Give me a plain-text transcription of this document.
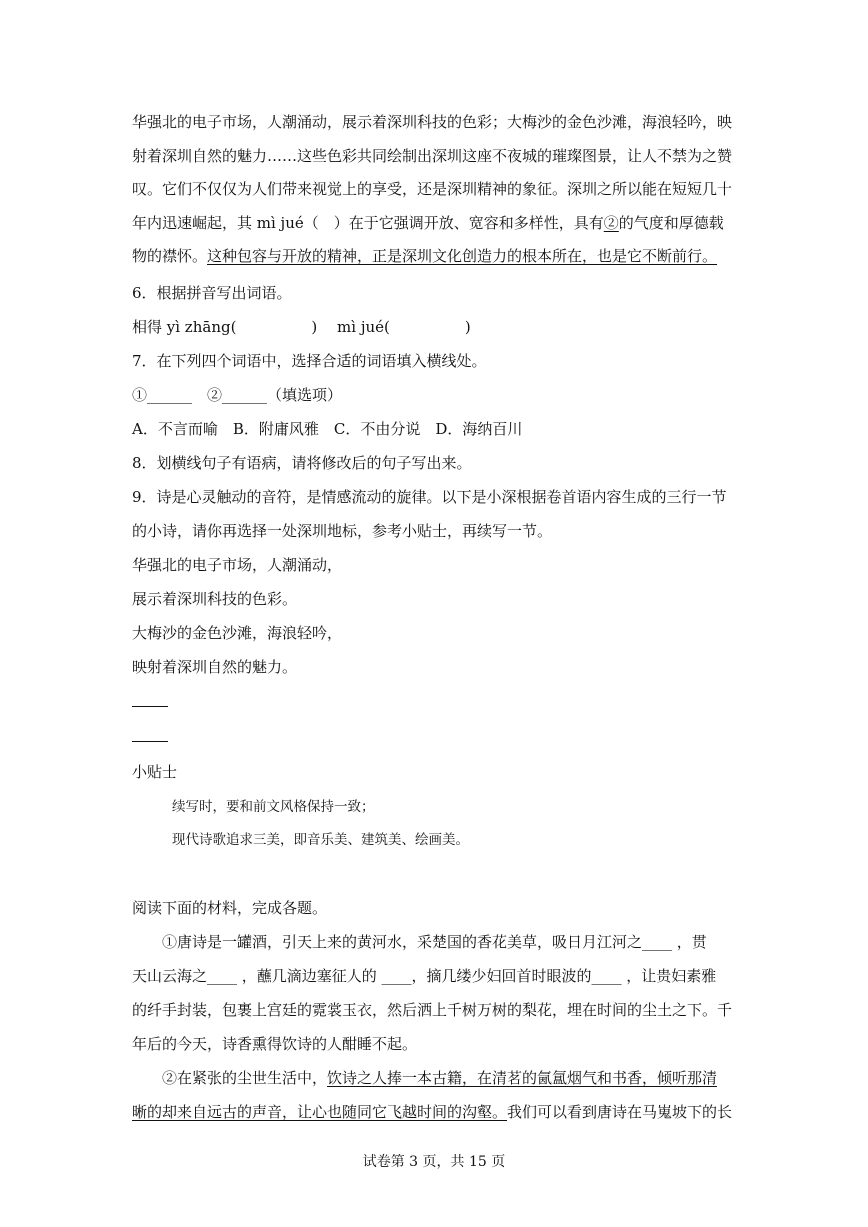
华强北的电子市场，人潮涌动，展示着深圳科技的色彩；大梅沙的金色沙滩，海浪轻吟，映
射着深圳自然的魅力……这些色彩共同绘制出深圳这座不夜城的璀璨图景，让人不禁为之赞
叹。它们不仅仅为人们带来视觉上的享受，还是深圳精神的象征。深圳之所以能在短短几十
年内迅速崛起，其 mì jué（　）在于它强调开放、宽容和多样性，具有②的气度和厚德载
物的襟怀。这种包容与开放的精神，正是深圳文化创造力的根本所在，也是它不断前行。
6．根据拼音写出词语。
相得 yì zhāng(　　　　　)　 mì jué(　　　　　)
7．在下列四个词语中，选择合适的词语填入横线处。
①______　②______（填选项）
A．不言而喻　B．附庸风雅　C．不由分说　D．海纳百川
8．划横线句子有语病，请将修改后的句子写出来。
9．诗是心灵触动的音符，是情感流动的旋律。以下是小深根据卷首语内容生成的三行一节
的小诗，请你再选择一处深圳地标，参考小贴士，再续写一节。
华强北的电子市场，人潮涌动，
展示着深圳科技的色彩。
大梅沙的金色沙滩，海浪轻吟，
映射着深圳自然的魅力。
小贴士
续写时，要和前文风格保持一致；
现代诗歌追求三美，即音乐美、建筑美、绘画美。
阅读下面的材料，完成各题。
①唐诗是一罐酒，引天上来的黄河水，采楚国的香花美草，吸日月江河之____ ，贯
天山云海之____ ，蘸几滴边塞征人的 ____，摘几缕少妇回首时眼波的____ ，让贵妇素雅
的纤手封装，包裹上宫廷的霓裳玉衣，然后洒上千树万树的梨花，埋在时间的尘土之下。千
年后的今天，诗香熏得饮诗的人酣睡不起。
②在紧张的尘世生活中，饮诗之人捧一本古籍，在清茗的氤氲烟气和书香，倾听那清
晰的却来自远古的声音，让心也随同它飞越时间的沟壑。我们可以看到唐诗在马嵬坡下的长
试卷第 3 页，共 15 页
